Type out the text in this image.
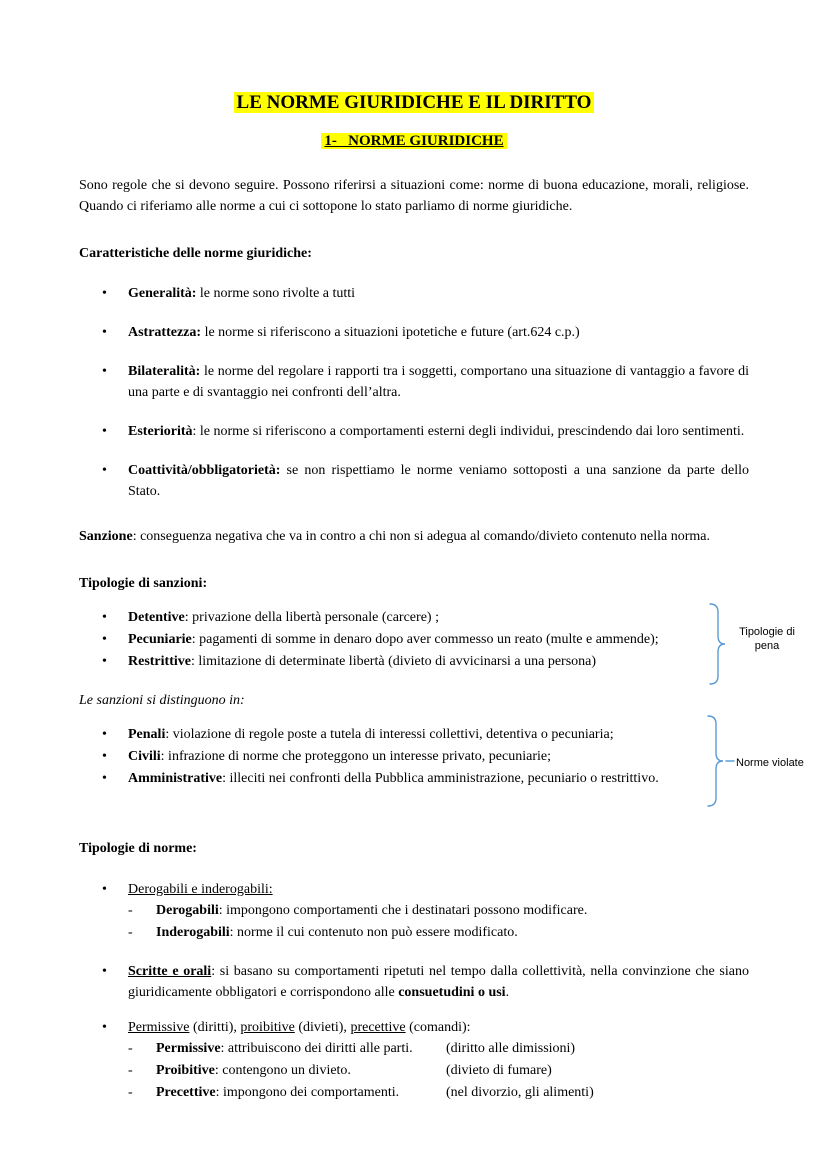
LE NORME GIURIDICHE E IL DIRITTO
1-   NORME GIURIDICHE

Sono regole che si devono seguire. Possono riferirsi a situazioni come: norme di buona educazione, morali, religiose. Quando ci riferiamo alle norme a cui ci sottopone lo stato parliamo di norme giuridiche.

Caratteristiche delle norme giuridiche:
• Generalità: le norme sono rivolte a tutti
• Astrattezza: le norme si riferiscono a situazioni ipotetiche e future (art.624 c.p.)
• Bilateralità: le norme del regolare i rapporti tra i soggetti, comportano una situazione di vantaggio a favore di una parte e di svantaggio nei confronti dell’altra.
• Esteriorità: le norme si riferiscono a comportamenti esterni degli individui, prescindendo dai loro sentimenti.
• Coattività/obbligatorietà: se non rispettiamo le norme veniamo sottoposti a una sanzione da parte dello Stato.

Sanzione: conseguenza negativa che va in contro a chi non si adegua al comando/divieto contenuto nella norma.

Tipologie di sanzioni:
• Detentive: privazione della libertà personale (carcere) ;
• Pecuniarie: pagamenti di somme in denaro dopo aver commesso un reato (multe e ammende);
• Restrittive: limitazione di determinate libertà (divieto di avvicinarsi a una persona)
Tipologie di pena

Le sanzioni si distinguono in:

• Penali: violazione di regole poste a tutela di interessi collettivi, detentiva o pecuniaria;
• Civili: infrazione di norme che proteggono un interesse privato, pecuniarie;
• Amministrative: illeciti nei confronti della Pubblica amministrazione, pecuniario o restrittivo.
Norme violate
Tipologie di norme:
• Derogabili e inderogabili:
- Derogabili: impongono comportamenti che i destinatari possono modificare.
- Inderogabili: norme il cui contenuto non può essere modificato.
• Scritte e orali: si basano su comportamenti ripetuti nel tempo dalla collettività, nella convinzione che siano giuridicamente obbligatori e corrispondono alle consuetudini o usi.
• Permissive (diritti), proibitive (divieti), precettive (comandi):
- Permissive: attribuiscono dei diritti alle parti. (diritto alle dimissioni)
- Proibitive: contengono un divieto.	(divieto di fumare)
- Precettive: impongono dei comportamenti.	(nel divorzio, gli alimenti)
